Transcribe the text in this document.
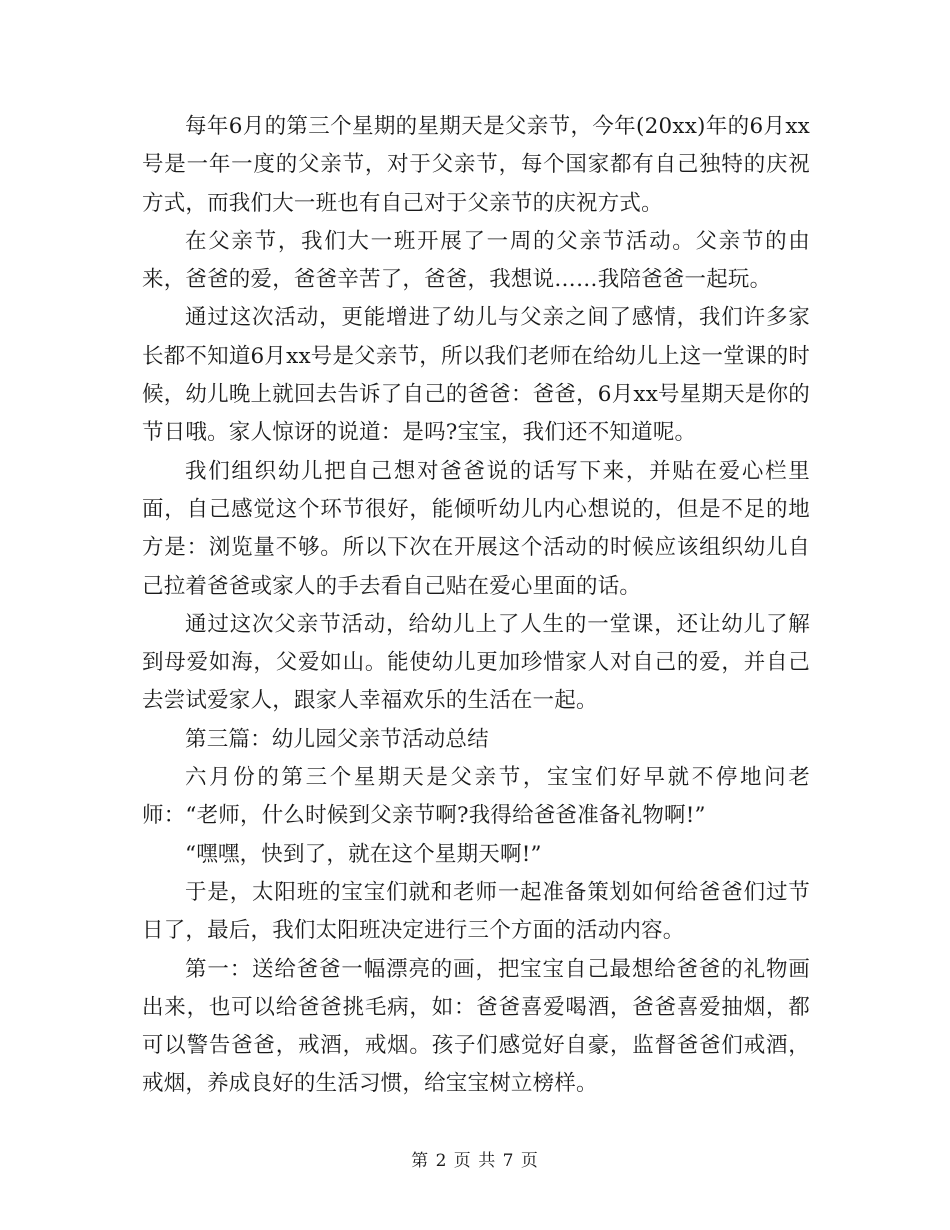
每年6月的第三个星期的星期天是父亲节，今年(20xx)年的6月xx号是一年一度的父亲节，对于父亲节，每个国家都有自己独特的庆祝方式，而我们大一班也有自己对于父亲节的庆祝方式。

在父亲节，我们大一班开展了一周的父亲节活动。父亲节的由来，爸爸的爱，爸爸辛苦了，爸爸，我想说……我陪爸爸一起玩。

通过这次活动，更能增进了幼儿与父亲之间了感情，我们许多家长都不知道6月xx号是父亲节，所以我们老师在给幼儿上这一堂课的时候，幼儿晚上就回去告诉了自己的爸爸：爸爸，6月xx号星期天是你的节日哦。家人惊讶的说道：是吗?宝宝，我们还不知道呢。

我们组织幼儿把自己想对爸爸说的话写下来，并贴在爱心栏里面，自己感觉这个环节很好，能倾听幼儿内心想说的，但是不足的地方是：浏览量不够。所以下次在开展这个活动的时候应该组织幼儿自己拉着爸爸或家人的手去看自己贴在爱心里面的话。

通过这次父亲节活动，给幼儿上了人生的一堂课，还让幼儿了解到母爱如海，父爱如山。能使幼儿更加珍惜家人对自己的爱，并自己去尝试爱家人，跟家人幸福欢乐的生活在一起。

第三篇：幼儿园父亲节活动总结

六月份的第三个星期天是父亲节，宝宝们好早就不停地问老师：“老师，什么时候到父亲节啊?我得给爸爸准备礼物啊!”

“嘿嘿，快到了，就在这个星期天啊!”

于是，太阳班的宝宝们就和老师一起准备策划如何给爸爸们过节日了，最后，我们太阳班决定进行三个方面的活动内容。

第一：送给爸爸一幅漂亮的画，把宝宝自己最想给爸爸的礼物画出来，也可以给爸爸挑毛病，如：爸爸喜爱喝酒，爸爸喜爱抽烟，都可以警告爸爸，戒酒，戒烟。孩子们感觉好自豪，监督爸爸们戒酒，戒烟，养成良好的生活习惯，给宝宝树立榜样。

第 2 页 共 7 页
